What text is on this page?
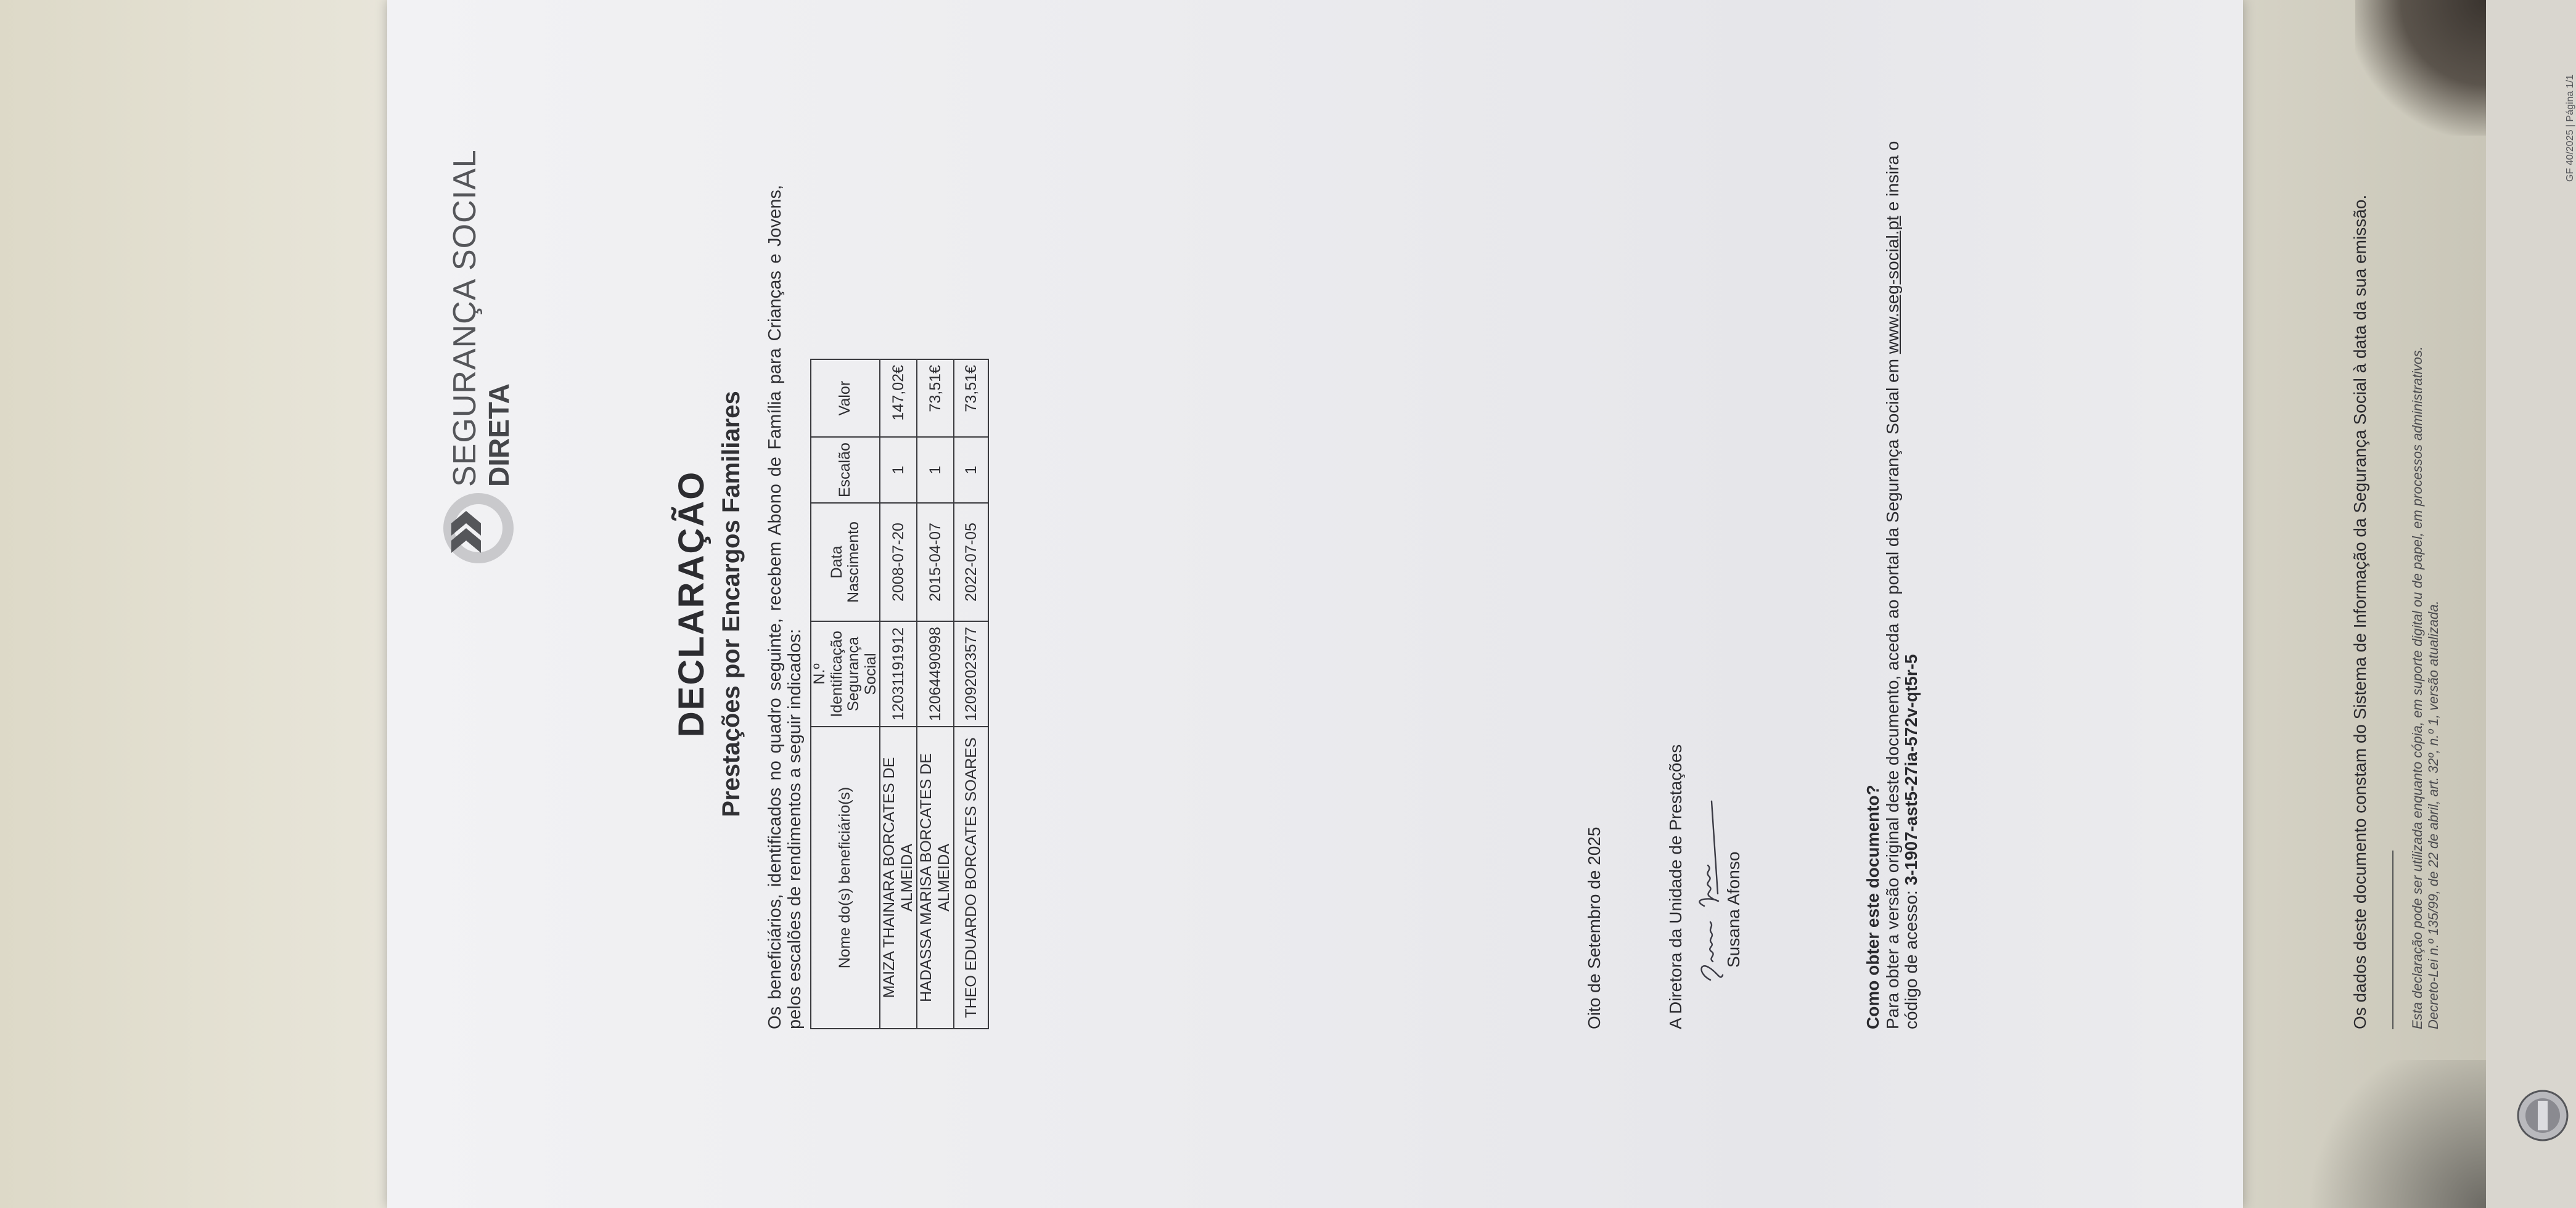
SEGURANÇA SOCIAL DIRETA
DECLARAÇÃO Prestações por Encargos Familiares Os beneficiários, identificados no quadro seguinte, recebem Abono de Família para Crianças e Jovens, pelos escalões de rendimentos a seguir indicados: Nome do(s) beneficiário(s)	N.º Identificação Segurança Social	Data Nascimento	Escalão	Valor
MAIZA THAINARA BORCATES DE ALMEIDA	12031191912	2008-07-20	1	147,02€
HADASSA MARISA BORCATES DE ALMEIDA	12064490998	2015-04-07	1	73,51€
THEO EDUARDO BORCATES SOARES	12092023577	2022-07-05	1	73,51€
Oito de Setembro de 2025	A Diretora da Unidade de Prestações Susana Afonso	Como obter este documento? Para obter a versão original deste documento, aceda ao portal da Segurança Social em www.seg-social.pt e insira o
código de acesso: 3-1907-ast5-27ia-572v-qt5r-5	Os dados deste documento constam do Sistema de Informação da Segurança Social à data da sua emissão.	Esta declaração pode ser utilizada enquanto cópia, em suporte digital ou de papel, em processos administrativos. Decreto-Lei n.º 135/99, de 22 de abril, art. 32º, n.º 1, versão atualizada.
GF 40/2025 | Página 1/1
